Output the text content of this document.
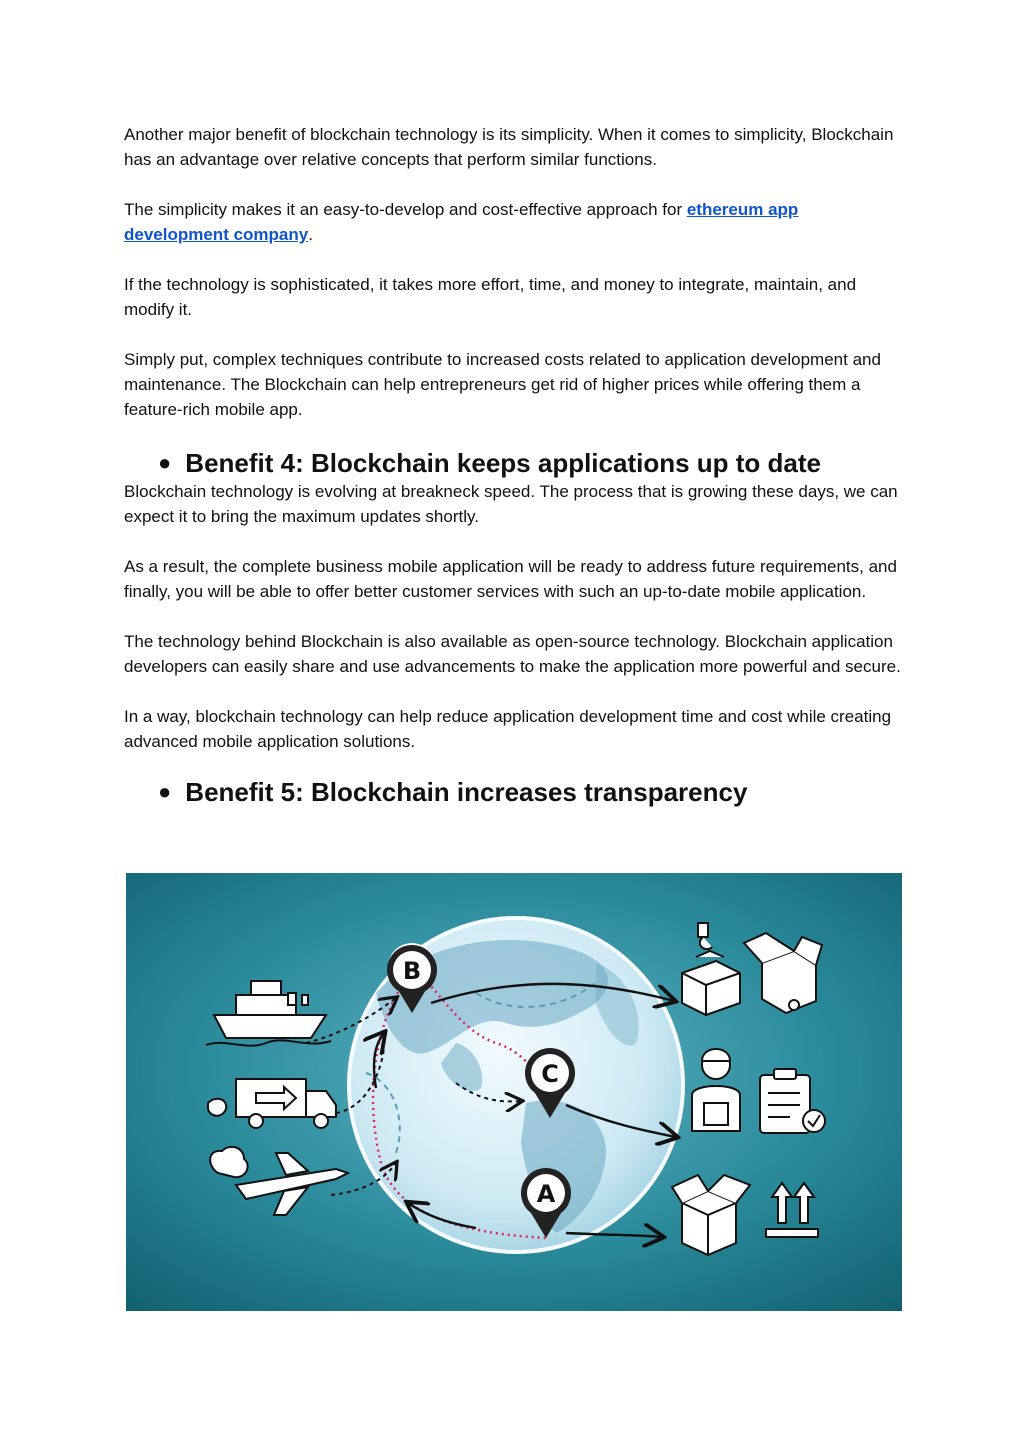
Another major benefit of blockchain technology is its simplicity. When it comes to simplicity, Blockchain has an advantage over relative concepts that perform similar functions.

The simplicity makes it an easy-to-develop and cost-effective approach for ethereum app development company.

If the technology is sophisticated, it takes more effort, time, and money to integrate, maintain, and modify it.

Simply put, complex techniques contribute to increased costs related to application development and maintenance. The Blockchain can help entrepreneurs get rid of higher prices while offering them a feature-rich mobile app.

● Benefit 4: Blockchain keeps applications up to date

Blockchain technology is evolving at breakneck speed. The process that is growing these days, we can expect it to bring the maximum updates shortly.

As a result, the complete business mobile application will be ready to address future requirements, and finally, you will be able to offer better customer services with such an up-to-date mobile application.

The technology behind Blockchain is also available as open-source technology. Blockchain application developers can easily share and use advancements to make the application more powerful and secure.

In a way, blockchain technology can help reduce application development time and cost while creating advanced mobile application solutions.

● Benefit 5: Blockchain increases transparency
B
C
A
